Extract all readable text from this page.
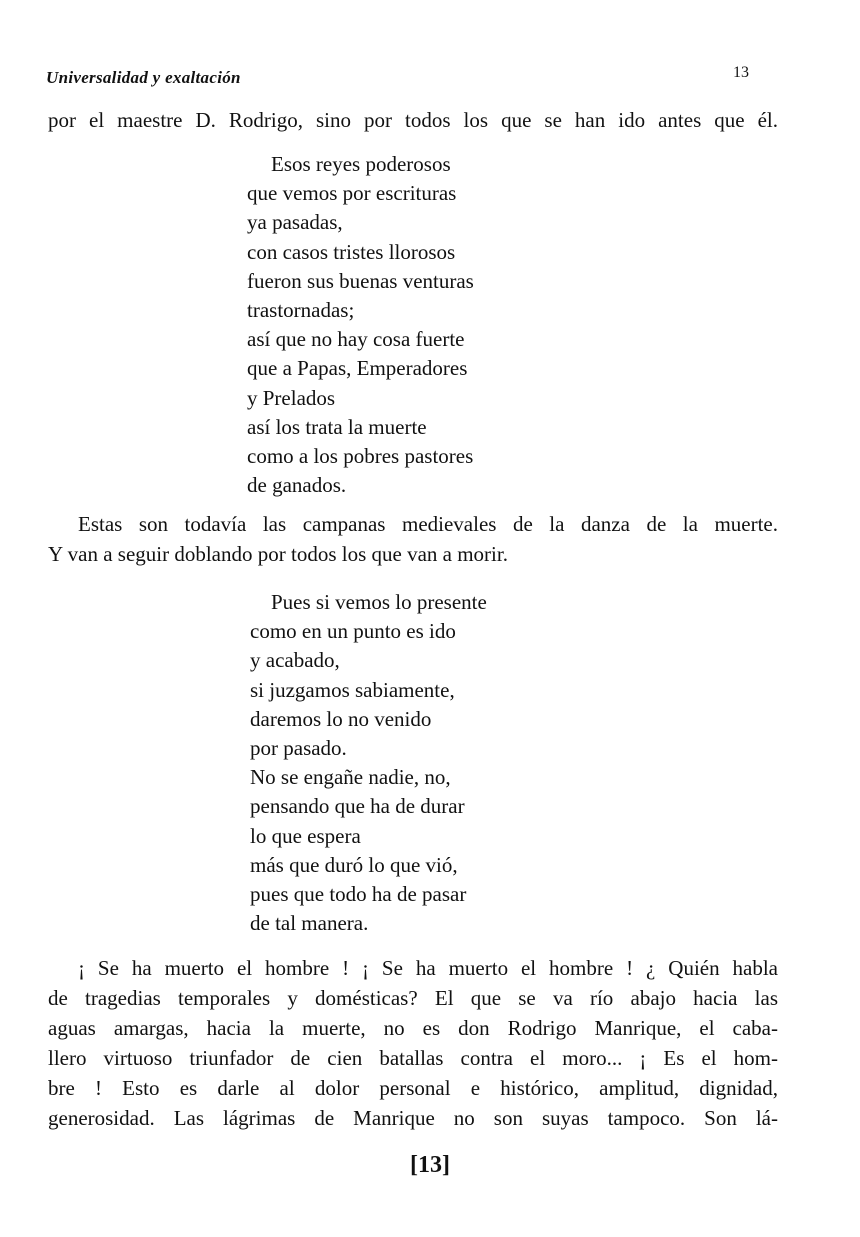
Universalidad y exaltación	13
por el maestre D. Rodrigo, sino por todos los que se han ido antes que él.
Esos reyes poderosos
que vemos por escrituras
ya pasadas,
con casos tristes llorosos
fueron sus buenas venturas
trastornadas;
así que no hay cosa fuerte
que a Papas, Emperadores
y Prelados
así los trata la muerte
como a los pobres pastores
de ganados.
Estas son todavía las campanas medievales de la danza de la muerte.
Y van a seguir doblando por todos los que van a morir.
Pues si vemos lo presente
como en un punto es ido
y acabado,
si juzgamos sabiamente,
daremos lo no venido
por pasado.
No se engañe nadie, no,
pensando que ha de durar
lo que espera
más que duró lo que vió,
pues que todo ha de pasar
de tal manera.
¡ Se ha muerto el hombre ! ¡ Se ha muerto el hombre ! ¿ Quién habla
de tragedias temporales y domésticas? El que se va río abajo hacia las
aguas amargas, hacia la muerte, no es don Rodrigo Manrique, el caba-
llero virtuoso triunfador de cien batallas contra el moro... ¡ Es el hom-
bre ! Esto es darle al dolor personal e histórico, amplitud, dignidad,
generosidad. Las lágrimas de Manrique no son suyas tampoco. Son lá-
[13]
